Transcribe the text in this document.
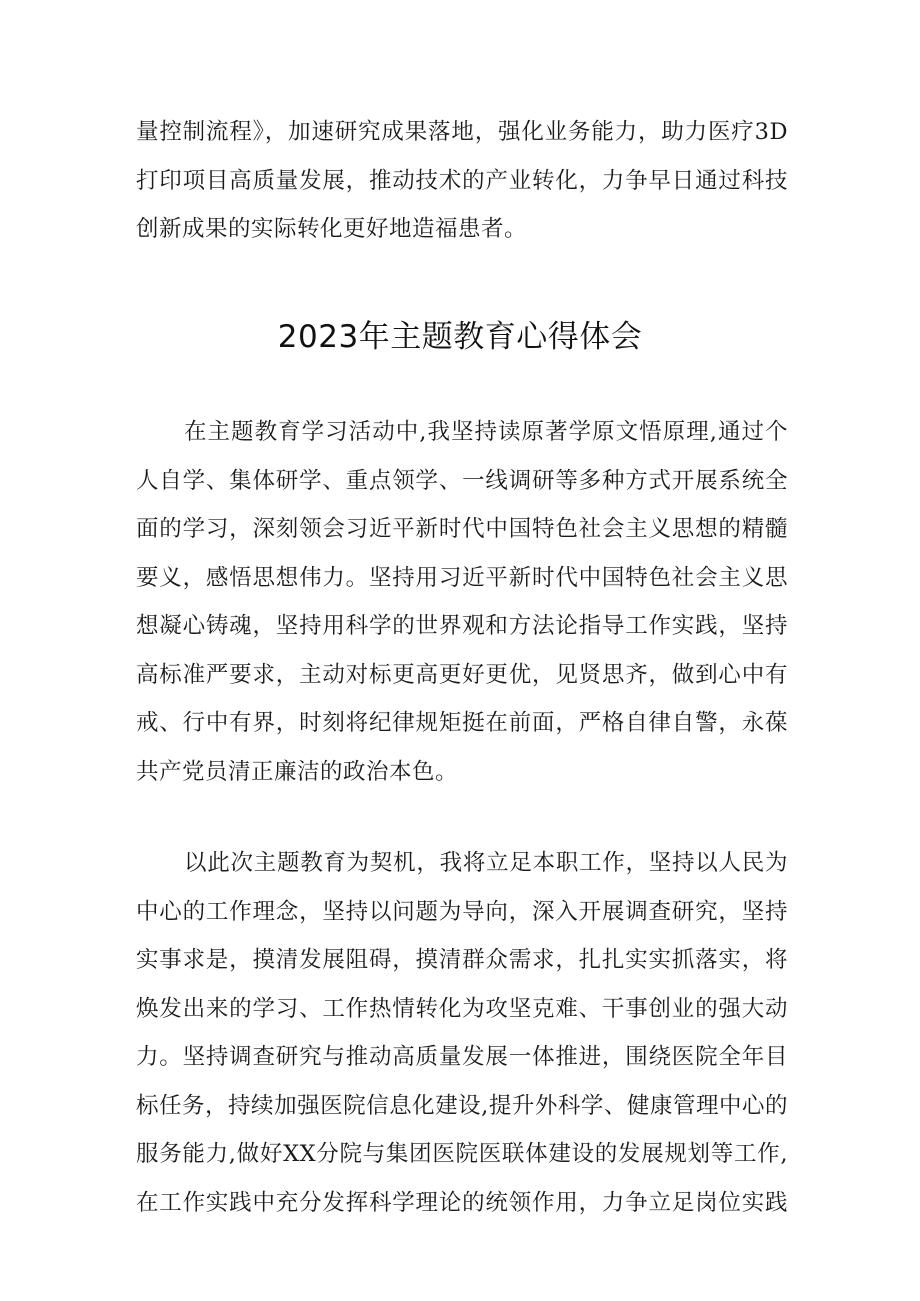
量控制流程》，加速研究成果落地，强化业务能力，助力医疗3D
打印项目高质量发展，推动技术的产业转化，力争早日通过科技
创新成果的实际转化更好地造福患者。
2023年主题教育心得体会
在主题教育学习活动中,我坚持读原著学原文悟原理,通过个
人自学、集体研学、重点领学、一线调研等多种方式开展系统全
面的学习，深刻领会习近平新时代中国特色社会主义思想的精髓
要义，感悟思想伟力。坚持用习近平新时代中国特色社会主义思
想凝心铸魂，坚持用科学的世界观和方法论指导工作实践，坚持
高标准严要求，主动对标更高更好更优，见贤思齐，做到心中有
戒、行中有界，时刻将纪律规矩挺在前面，严格自律自警，永葆
共产党员清正廉洁的政治本色。
以此次主题教育为契机，我将立足本职工作，坚持以人民为
中心的工作理念，坚持以问题为导向，深入开展调查研究，坚持
实事求是，摸清发展阻碍，摸清群众需求，扎扎实实抓落实，将
焕发出来的学习、工作热情转化为攻坚克难、干事创业的强大动
力。坚持调查研究与推动高质量发展一体推进，围绕医院全年目
标任务，持续加强医院信息化建设,提升外科学、健康管理中心的
服务能力,做好XX分院与集团医院医联体建设的发展规划等工作,
在工作实践中充分发挥科学理论的统领作用，力争立足岗位实践
